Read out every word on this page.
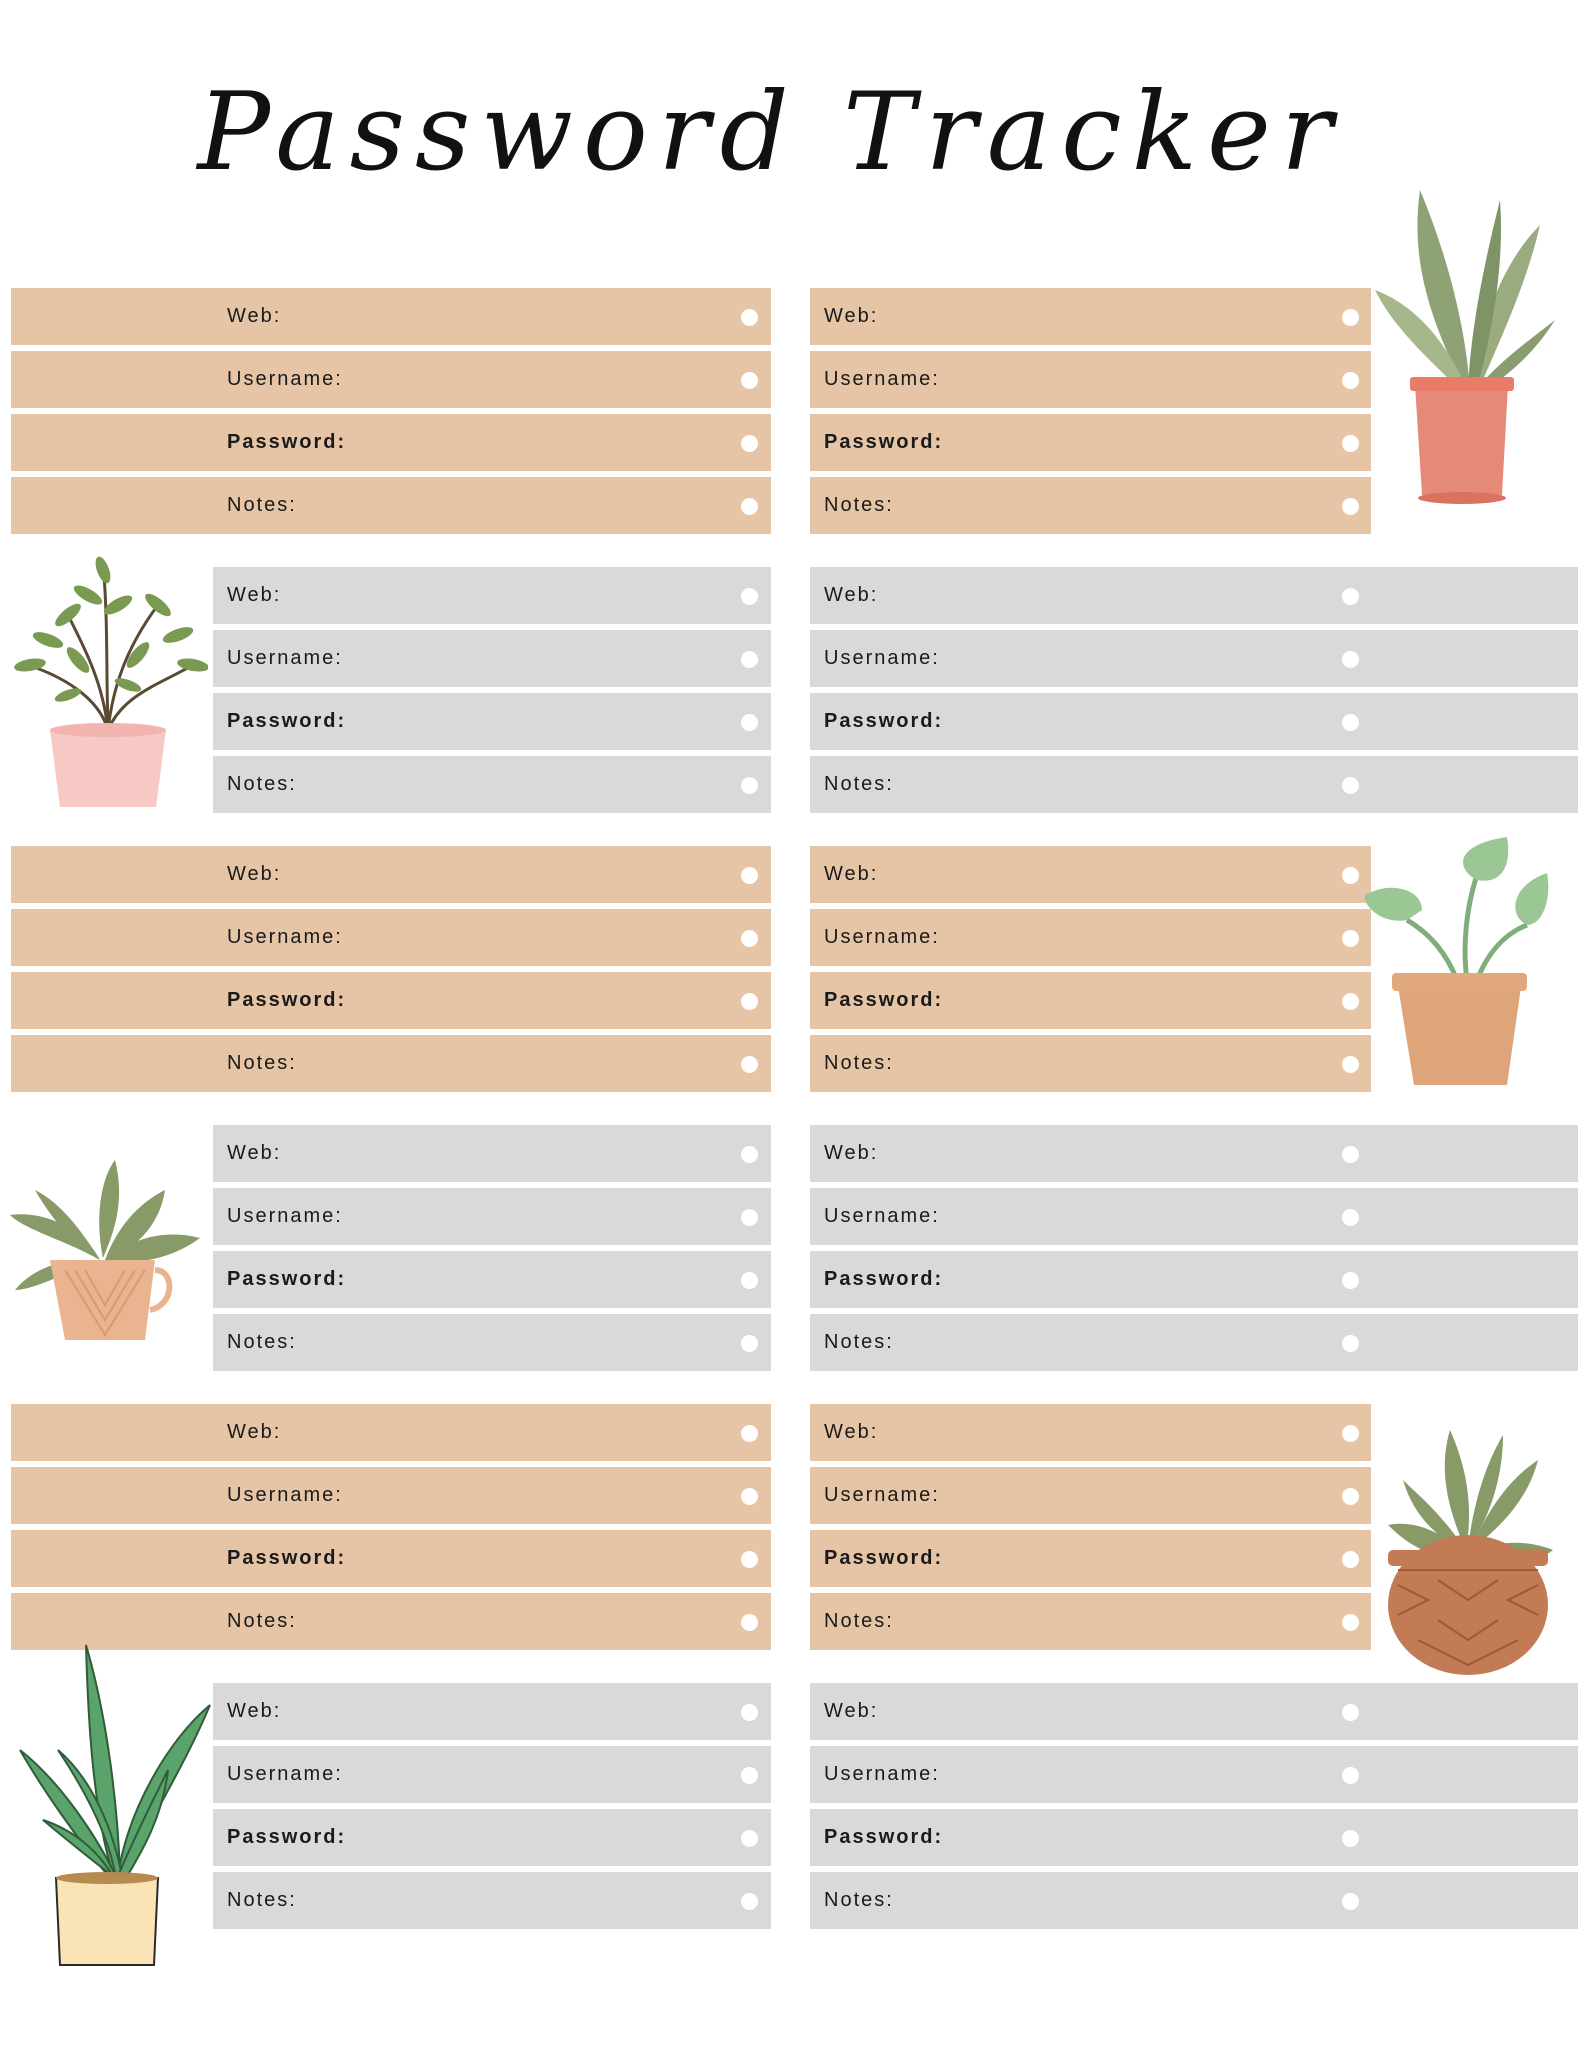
Password Tracker
Web:
Username:
Password:
Notes:
Web:
Username:
Password:
Notes:
Web:
Username:
Password:
Notes:
Web:
Username:
Password:
Notes:
Web:
Username:
Password:
Notes:
Web:
Username:
Password:
Notes:
Web:
Username:
Password:
Notes:
Web:
Username:
Password:
Notes:
Web:
Username:
Password:
Notes:
Web:
Username:
Password:
Notes:
Web:
Username:
Password:
Notes:
Web:
Username:
Password:
Notes:
